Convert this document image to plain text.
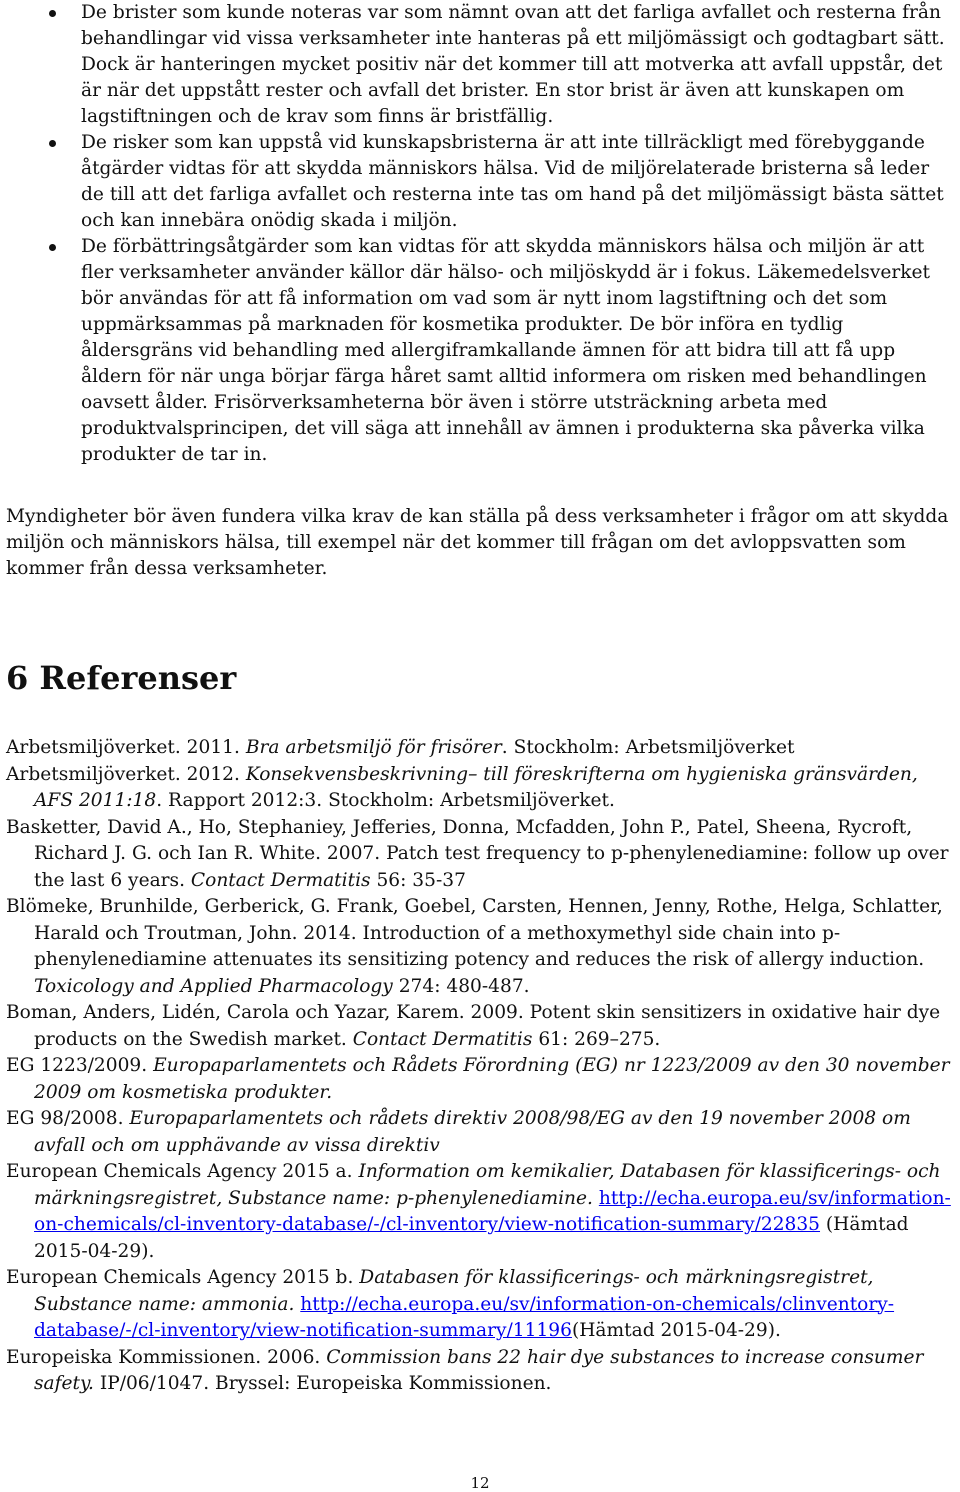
De brister som kunde noteras var som nämnt ovan att det farliga avfallet och resterna från behandlingar vid vissa verksamheter inte hanteras på ett miljömässigt och godtagbart sätt. Dock är hanteringen mycket positiv när det kommer till att motverka att avfall uppstår, det är när det uppstått rester och avfall det brister. En stor brist är även att kunskapen om lagstiftningen och de krav som finns är bristfällig.
De risker som kan uppstå vid kunskapsbristerna är att inte tillräckligt med förebyggande åtgärder vidtas för att skydda människors hälsa. Vid de miljörelaterade bristerna så leder de till att det farliga avfallet och resterna inte tas om hand på det miljömässigt bästa sättet och kan innebära onödig skada i miljön.
De förbättringsåtgärder som kan vidtas för att skydda människors hälsa och miljön är att fler verksamheter använder källor där hälso- och miljöskydd är i fokus. Läkemedelsverket bör användas för att få information om vad som är nytt inom lagstiftning och det som uppmärksammas på marknaden för kosmetika produkter. De bör införa en tydlig åldersgräns vid behandling med allergiframkallande ämnen för att bidra till att få upp åldern för när unga börjar färga håret samt alltid informera om risken med behandlingen oavsett ålder. Frisörverksamheterna bör även i större utsträckning arbeta med produktvalsprincipen, det vill säga att innehåll av ämnen i produkterna ska påverka vilka produkter de tar in.

Myndigheter bör även fundera vilka krav de kan ställa på dess verksamheter i frågor om att skydda miljön och människors hälsa, till exempel när det kommer till frågan om det avloppsvatten som kommer från dessa verksamheter.

6 Referenser

Arbetsmiljöverket. 2011. Bra arbetsmiljö för frisörer. Stockholm: Arbetsmiljöverket

Arbetsmiljöverket. 2012. Konsekvensbeskrivning– till föreskrifterna om hygieniska gränsvärden, AFS 2011:18. Rapport 2012:3. Stockholm: Arbetsmiljöverket.

Basketter, David A., Ho, Stephaniey, Jefferies, Donna, Mcfadden, John P., Patel, Sheena, Rycroft, Richard J. G. och Ian R. White. 2007. Patch test frequency to p-phenylenediamine: follow up over the last 6 years. Contact Dermatitis 56: 35-37

Blömeke, Brunhilde, Gerberick, G. Frank, Goebel, Carsten, Hennen, Jenny, Rothe, Helga, Schlatter, Harald och Troutman, John. 2014. Introduction of a methoxymethyl side chain into p-phenylenediamine attenuates its sensitizing potency and reduces the risk of allergy induction. Toxicology and Applied Pharmacology 274: 480-487.

Boman, Anders, Lidén, Carola och Yazar, Karem. 2009. Potent skin sensitizers in oxidative hair dye products on the Swedish market. Contact Dermatitis 61: 269–275.

EG 1223/2009. Europaparlamentets och Rådets Förordning (EG) nr 1223/2009 av den 30 november 2009 om kosmetiska produkter.

EG 98/2008. Europaparlamentets och rådets direktiv 2008/98/EG av den 19 november 2008 om avfall och om upphävande av vissa direktiv

European Chemicals Agency 2015 a. Information om kemikalier, Databasen för klassificerings- och märkningsregistret, Substance name: p-phenylenediamine. http://echa.europa.eu/sv/information-on-chemicals/cl-inventory-database/-/cl-inventory/view-notification-summary/22835 (Hämtad 2015-04-29).

European Chemicals Agency 2015 b. Databasen för klassificerings- och märkningsregistret, Substance name: ammonia. http://echa.europa.eu/sv/information-on-chemicals/clinventory-database/-/cl-inventory/view-notification-summary/11196(Hämtad 2015-04-29).

Europeiska Kommissionen. 2006. Commission bans 22 hair dye substances to increase consumer safety. IP/06/1047. Bryssel: Europeiska Kommissionen.

12
